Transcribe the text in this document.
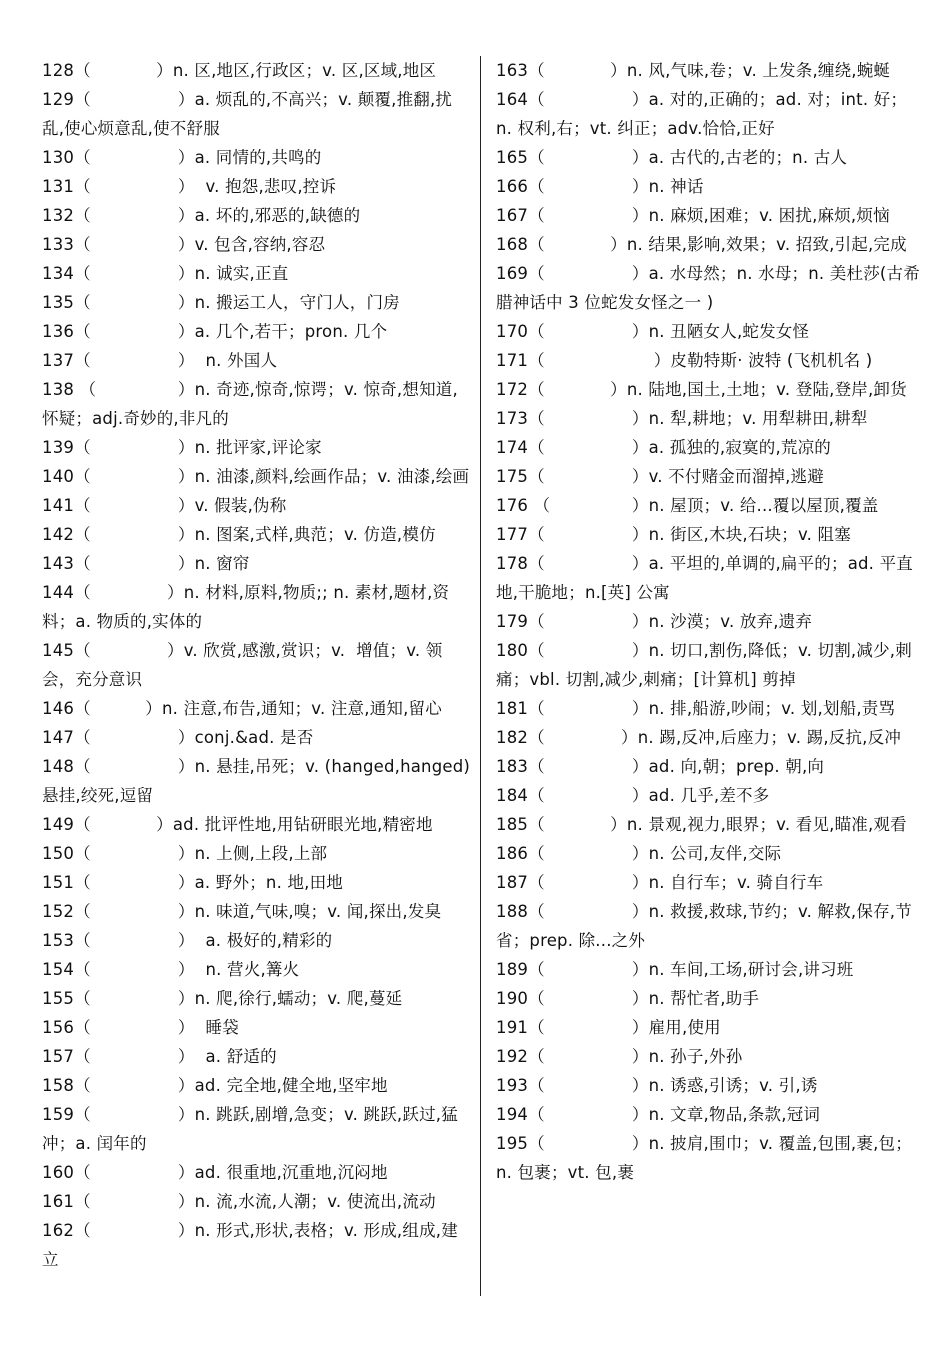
128（            ）n. 区,地区,行政区；v. 区,区域,地区
129（                ）a. 烦乱的,不高兴；v. 颠覆,推翻,扰乱,使心烦意乱,使不舒服
130（                ）a. 同情的,共鸣的
131（                ）  v. 抱怨,悲叹,控诉
132（                ）a. 坏的,邪恶的,缺德的
133（                ）v. 包含,容纳,容忍
134（                ）n. 诚实,正直
135（                ）n. 搬运工人，守门人，门房
136（                ）a. 几个,若干；pron. 几个
137（                ）  n. 外国人
138 （               ）n. 奇迹,惊奇,惊谔；v. 惊奇,想知道,怀疑；adj.奇妙的,非凡的
139（                ）n. 批评家,评论家
140（                ）n. 油漆,颜料,绘画作品；v. 油漆,绘画
141（                ）v. 假装,伪称
142（                ）n. 图案,式样,典范；v. 仿造,模仿
143（                ）n. 窗帘
144（              ）n. 材料,原料,物质;; n. 素材,题材,资料；a. 物质的,实体的
145（              ）v. 欣赏,感激,赏识；v.  增值；v. 领会，充分意识
146（          ）n. 注意,布告,通知；v. 注意,通知,留心
147（                ）conj.&ad. 是否
148（                ）n. 悬挂,吊死；v. (hanged,hanged)悬挂,绞死,逗留
149（            ）ad. 批评性地,用钻研眼光地,精密地
150（                ）n. 上侧,上段,上部
151（                ）a. 野外；n. 地,田地
152（                ）n. 味道,气味,嗅；v. 闻,探出,发臭
153（                ）  a. 极好的,精彩的
154（                ）  n. 营火,篝火
155（                ）n. 爬,徐行,蠕动；v. 爬,蔓延
156（                ）  睡袋
157（                ）  a. 舒适的
158（                ）ad. 完全地,健全地,坚牢地
159（                ）n. 跳跃,剧增,急变；v. 跳跃,跃过,猛冲；a. 闰年的
160（                ）ad. 很重地,沉重地,沉闷地
161（                ）n. 流,水流,人潮；v. 使流出,流动
162（                ）n. 形式,形状,表格；v. 形成,组成,建立
163（            ）n. 风,气味,卷；v. 上发条,缠绕,蜿蜒
164（                ）a. 对的,正确的；ad. 对；int. 好；n. 权利,右；vt. 纠正；adv.恰恰,正好
165（                ）a. 古代的,古老的；n. 古人
166（                ）n. 神话
167（                ）n. 麻烦,困难；v. 困扰,麻烦,烦恼
168（            ）n. 结果,影响,效果；v. 招致,引起,完成
169（                ）a. 水母然；n. 水母；n. 美杜莎(古希腊神话中 3 位蛇发女怪之一 )
170（                ）n. 丑陋女人,蛇发女怪
171（                    ）皮勒特斯· 波特 (飞机机名 )
172（            ）n. 陆地,国土,土地；v. 登陆,登岸,卸货
173（                ）n. 犁,耕地；v. 用犁耕田,耕犁
174（                ）a. 孤独的,寂寞的,荒凉的
175（                ）v. 不付赌金而溜掉,逃避
176 （               ）n. 屋顶；v. 给...覆以屋顶,覆盖
177（                ）n. 街区,木块,石块；v. 阻塞
178（                ）a. 平坦的,单调的,扁平的；ad. 平直地,干脆地；n.[英] 公寓
179（                ）n. 沙漠；v. 放弃,遗弃
180（                ）n. 切口,割伤,降低；v. 切割,减少,刺痛；vbl. 切割,减少,刺痛；[计算机] 剪掉
181（                ）n. 排,船游,吵闹；v. 划,划船,责骂
182（              ）n. 踢,反冲,后座力；v. 踢,反抗,反冲
183（                ）ad. 向,朝；prep. 朝,向
184（                ）ad. 几乎,差不多
185（            ）n. 景观,视力,眼界；v. 看见,瞄准,观看
186（                ）n. 公司,友伴,交际
187（                ）n. 自行车；v. 骑自行车
188（                ）n. 救援,救球,节约；v. 解救,保存,节省；prep. 除...之外
189（                ）n. 车间,工场,研讨会,讲习班
190（                ）n. 帮忙者,助手
191（                ）雇用,使用
192（                ）n. 孙子,外孙
193（                ）n. 诱惑,引诱；v. 引,诱
194（                ）n. 文章,物品,条款,冠词
195（                ）n. 披肩,围巾；v. 覆盖,包围,裹,包；n. 包裹；vt. 包,裹
